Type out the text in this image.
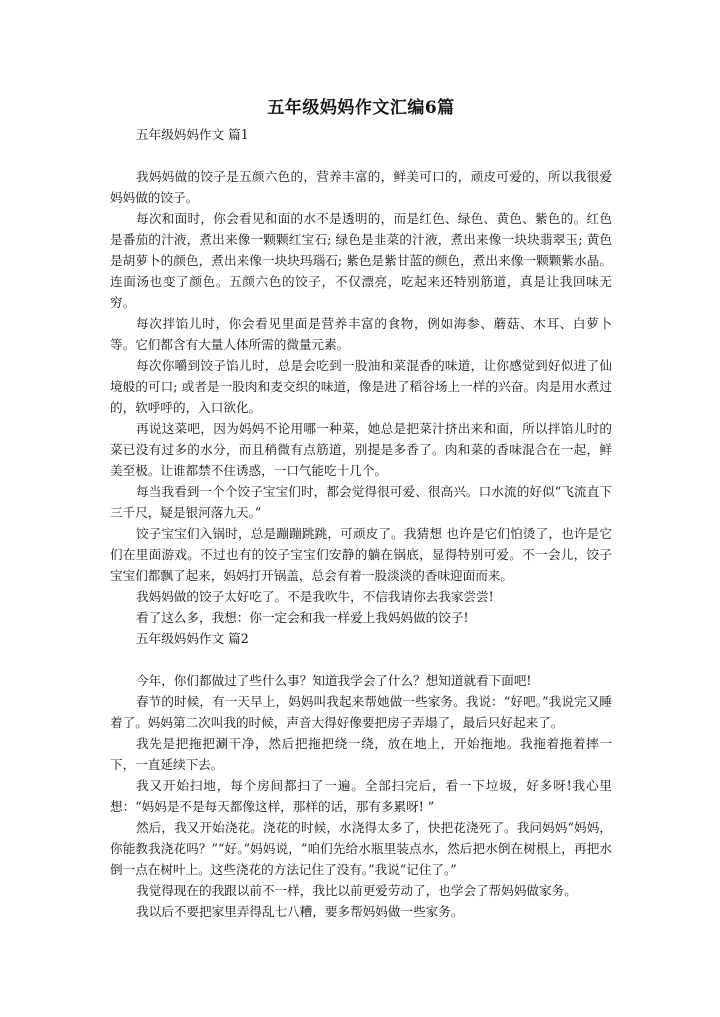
五年级妈妈作文汇编6篇

五年级妈妈作文 篇1

我妈妈做的饺子是五颜六色的，营养丰富的，鲜美可口的，顽皮可爱的，所以我很爱妈妈做的饺子。

每次和面时，你会看见和面的水不是透明的，而是红色、绿色、黄色、紫色的。红色是番茄的汁液，煮出来像一颗颗红宝石; 绿色是韭菜的汁液，煮出来像一块块翡翠玉; 黄色是胡萝卜的颜色，煮出来像一块块玛瑙石; 紫色是紫甘蓝的颜色，煮出来像一颗颗紫水晶。连面汤也变了颜色。五颜六色的饺子，不仅漂亮，吃起来还特别筋道，真是让我回味无穷。

每次拌馅儿时，你会看见里面是营养丰富的食物，例如海参、蘑菇、木耳、白萝卜等。它们都含有大量人体所需的微量元素。

每次你嚼到饺子馅儿时，总是会吃到一股油和菜混香的味道，让你感觉到好似进了仙境般的可口; 或者是一股肉和麦交织的味道，像是进了稻谷场上一样的兴奋。肉是用水煮过的，软呼呼的，入口欲化。

再说这菜吧，因为妈妈不论用哪一种菜，她总是把菜汁挤出来和面，所以拌馅儿时的菜已没有过多的水分，而且稍微有点筋道，别提是多香了。肉和菜的香味混合在一起，鲜美至极。让谁都禁不住诱惑，一口气能吃十几个。

每当我看到一个个饺子宝宝们时，都会觉得很可爱、很高兴。口水流的好似“飞流直下三千尺，疑是银河落九天。”

饺子宝宝们入锅时，总是蹦蹦跳跳，可顽皮了。我猜想 也许是它们怕烫了，也许是它们在里面游戏。不过也有的饺子宝宝们安静的躺在锅底，显得特别可爱。不一会儿，饺子宝宝们都飘了起来，妈妈打开锅盖，总会有着一股淡淡的香味迎面而来。

我妈妈做的饺子太好吃了。不是我吹牛，不信我请你去我家尝尝!

看了这么多，我想：你一定会和我一样爱上我妈妈做的饺子!

五年级妈妈作文 篇2

今年，你们都做过了些什么事？知道我学会了什么？想知道就看下面吧!

春节的时候，有一天早上，妈妈叫我起来帮她做一些家务。我说：“好吧。”我说完又睡着了。妈妈第二次叫我的时候，声音大得好像要把房子弄塌了，最后只好起来了。

我先是把拖把涮干净，然后把拖把绕一绕，放在地上，开始拖地。我拖着拖着摔一下，一直延续下去。

我又开始扫地，每个房间都扫了一遍。全部扫完后，看一下垃圾，好多呀!我心里想：“妈妈是不是每天都像这样，那样的话，那有多累呀! ”

然后，我又开始浇花。浇花的时候，水浇得太多了，快把花浇死了。我问妈妈“妈妈，你能教我浇花吗？”“好。”妈妈说，“咱们先给水瓶里装点水，然后把水倒在树根上，再把水倒一点在树叶上。这些浇花的方法记住了没有。”我说“记住了。”

我觉得现在的我跟以前不一样，我比以前更爱劳动了，也学会了帮妈妈做家务。

我以后不要把家里弄得乱七八糟，要多帮妈妈做一些家务。
